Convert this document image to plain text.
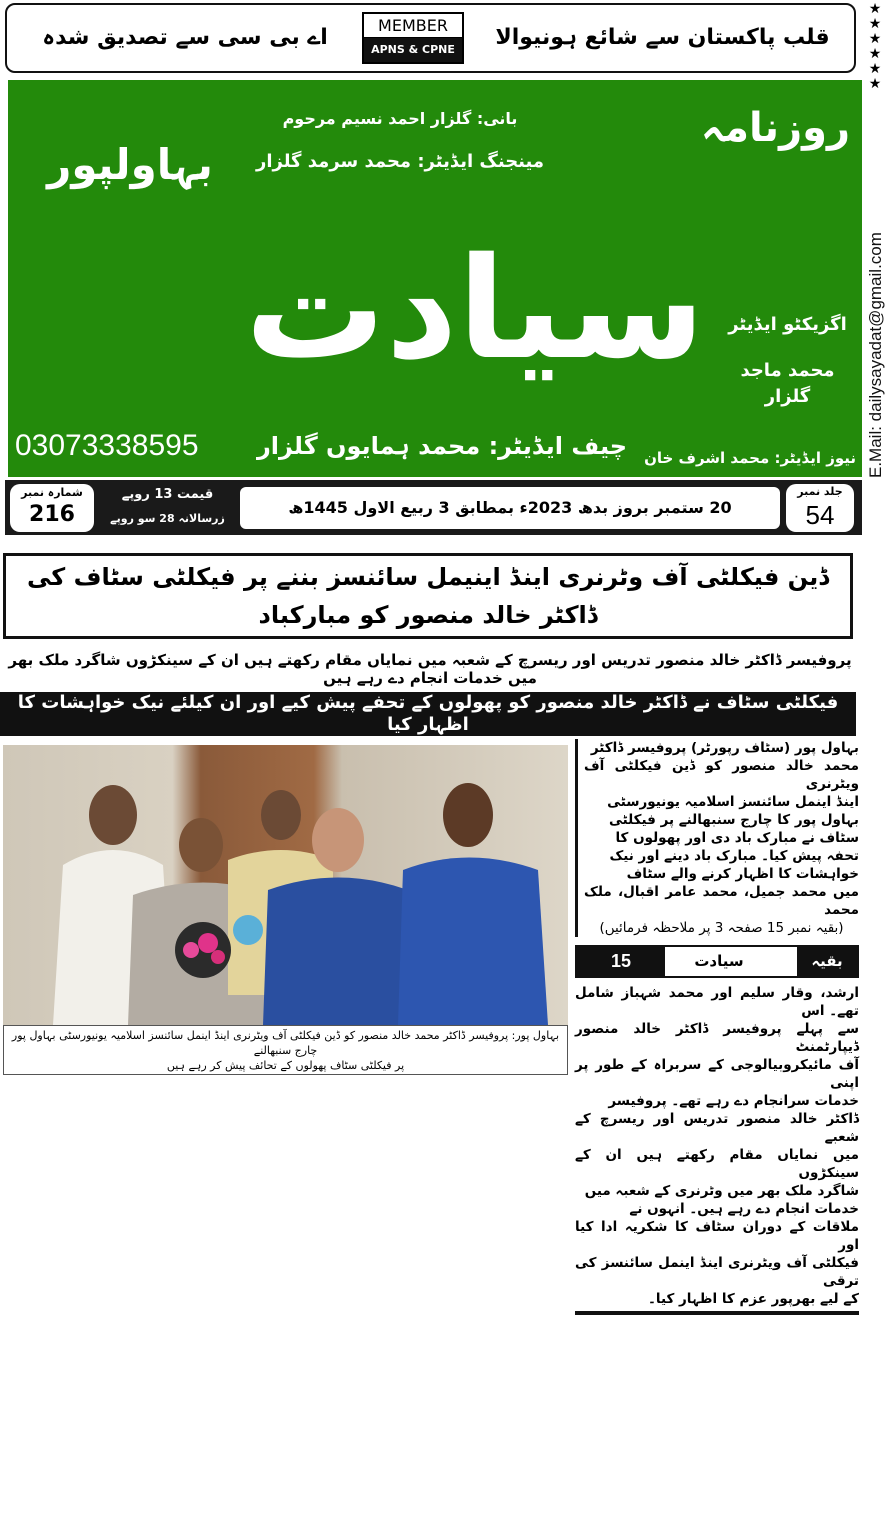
قلب پاکستان سے شائع ہونیوالا
اے بی سی سے تصدیق شدہ	MEMBER
APNS & CPNE
★★★★★★
E.Mail: dailysayadat@gmail.com
سیادت
روزنامہ
بہاولپور
بانی: گلزار احمد نسیم مرحوم
مینجنگ ایڈیٹر: محمد سرمد گلزار
اگزیکٹو ایڈیٹر
محمد ماجد گلزار
03073338595	چیف ایڈیٹر: محمد ہمایوں گلزار	نیوز ایڈیٹر: محمد اشرف خان
شمارہ نمبر
216
قیمت 13 روپے
زرسالانہ 28 سو روپے
20 ستمبر بروز بدھ 2023ء بمطابق 3 ربیع الاول 1445ھ
جلد نمبر
54
ڈین فیکلٹی آف وٹرنری اینڈ اینیمل سائنسز بننے پر فیکلٹی سٹاف کی ڈاکٹر خالد منصور کو مبارکباد
پروفیسر ڈاکٹر خالد منصور تدریس اور ریسرچ کے شعبہ میں نمایاں مقام رکھتے ہیں ان کے سینکڑوں شاگرد ملک بھر میں خدمات انجام دے رہے ہیں
فیکلٹی سٹاف نے ڈاکٹر خالد منصور کو پھولوں کے تحفے پیش کیے اور ان کیلئے نیک خواہشات کا اظہار کیا
بہاول پور: پروفیسر ڈاکٹر محمد خالد منصور کو ڈین فیکلٹی آف ویٹرنری اینڈ اینمل سائنسز اسلامیہ یونیورسٹی بہاول پور چارج سنبھالنے
پر فیکلٹی سٹاف پھولوں کے تحائف پیش کر رہے ہیں

بہاول پور (سٹاف رپورٹر) پروفیسر ڈاکٹر

محمد خالد منصور کو ڈین فیکلٹی آف ویٹرنری

اینڈ اینمل سائنسز اسلامیہ یونیورسٹی

بہاول پور کا چارج سنبھالنے پر فیکلٹی

سٹاف نے مبارک باد دی اور پھولوں کا

تحفہ پیش کیا۔ مبارک باد دینے اور نیک

خواہشات کا اظہار کرنے والے سٹاف

میں محمد جمیل، محمد عامر اقبال، ملک محمد

(بقیہ نمبر 15 صفحہ 3 پر ملاحظہ فرمائیں)

بقیہ
سیادت
15

ارشد، وقار سلیم اور محمد شہباز شامل تھے۔ اس

سے پہلے پروفیسر ڈاکٹر خالد منصور ڈیپارٹمنٹ

آف مائیکروبیالوجی کے سربراہ کے طور پر اپنی

خدمات سرانجام دے رہے تھے۔ پروفیسر

ڈاکٹر خالد منصور تدریس اور ریسرچ کے شعبے

میں نمایاں مقام رکھتے ہیں ان کے سینکڑوں

شاگرد ملک بھر میں وٹرنری کے شعبہ میں

خدمات انجام دے رہے ہیں۔ انہوں نے

ملاقات کے دوران سٹاف کا شکریہ ادا کیا اور

فیکلٹی آف ویٹرنری اینڈ اینمل سائنسز کی ترقی

کے لیے بھرپور عزم کا اظہار کیا۔
